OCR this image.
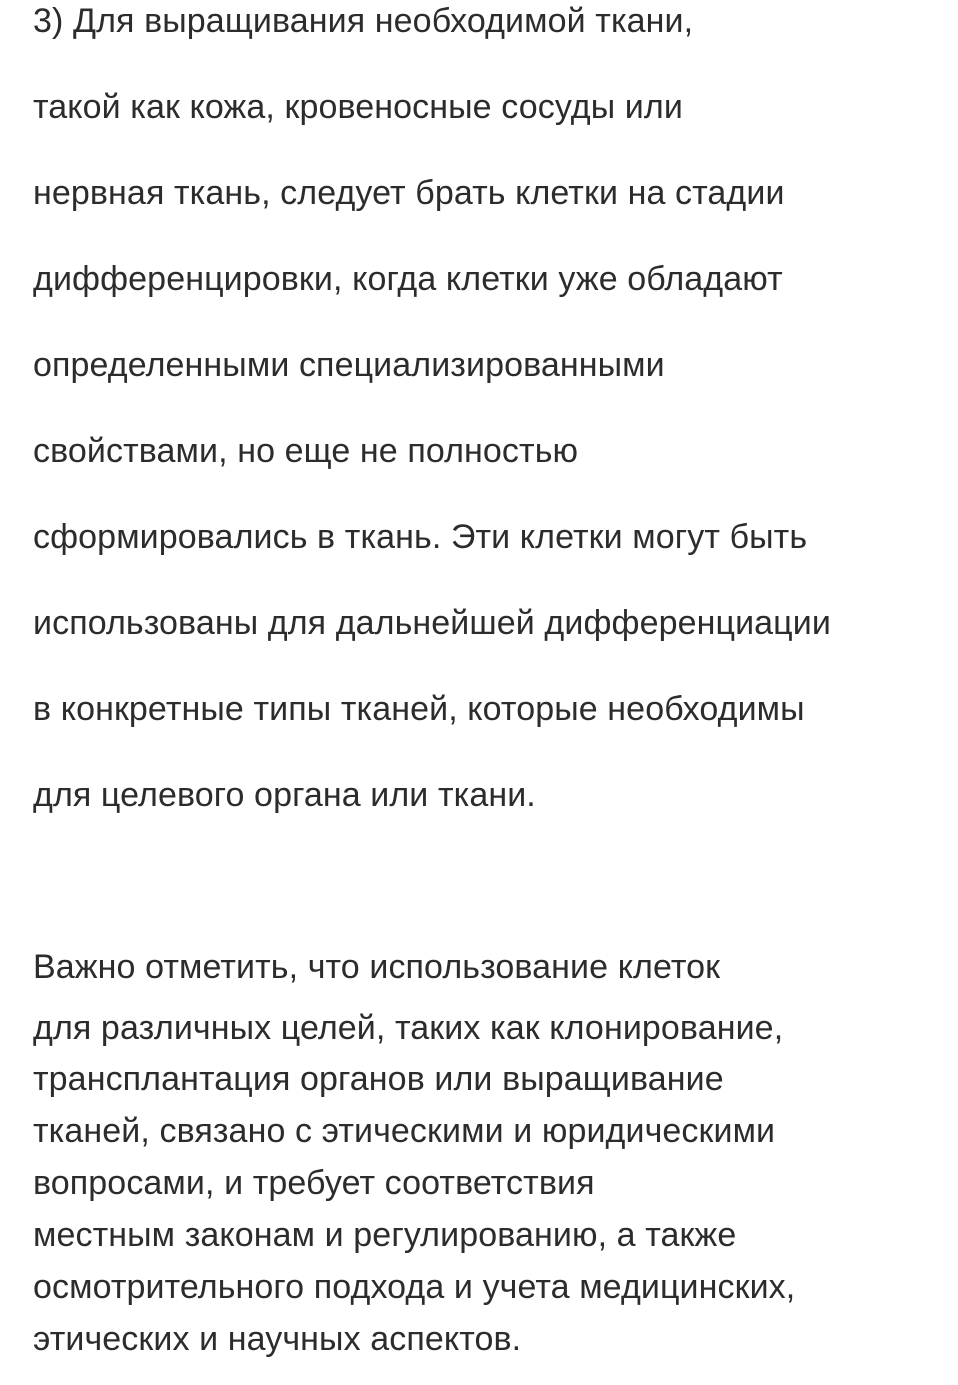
3) Для выращивания необходимой ткани,

такой как кожа, кровеносные сосуды или

нервная ткань, следует брать клетки на стадии

дифференцировки, когда клетки уже обладают

определенными специализированными

свойствами, но еще не полностью

сформировались в ткань. Эти клетки могут быть

использованы для дальнейшей дифференциации

в конкретные типы тканей, которые необходимы

для целевого органа или ткани.

Важно отметить, что использование клеток

для различных целей, таких как клонирование,

трансплантация органов или выращивание

тканей, связано с этическими и юридическими

вопросами, и требует соответствия

местным законам и регулированию, а также

осмотрительного подхода и учета медицинских,

этических и научных аспектов.
